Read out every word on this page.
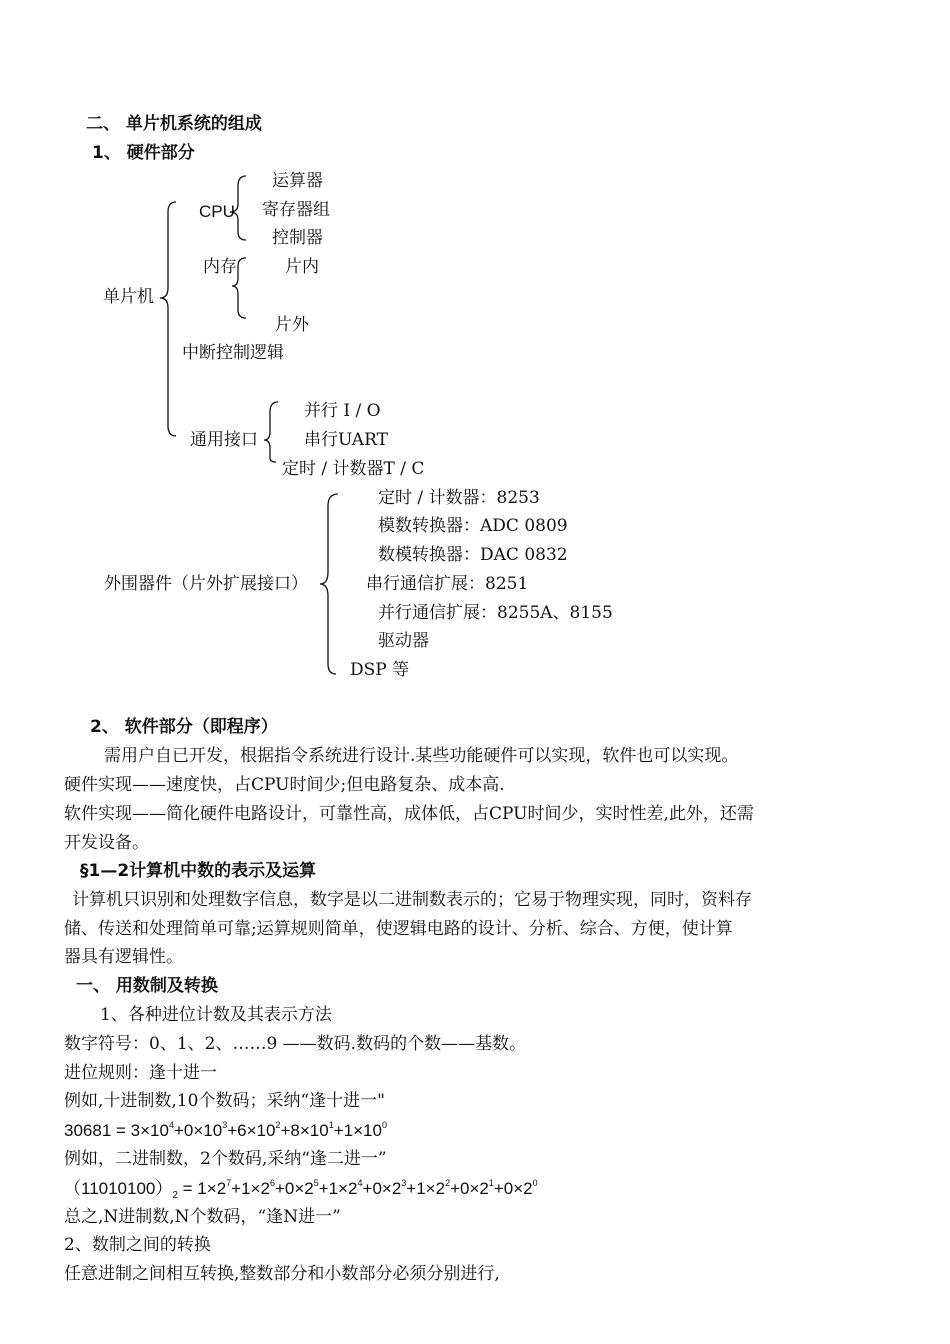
二、 单片机系统的组成
1、 硬件部分
运算器
CPU 寄存器组
控制器
内存	片内
单片机
片外
中断控制逻辑
并行 I / O
通用接口	串行UART
定时 / 计数器T / C
定时 / 计数器：8253
模数转换器：ADC 0809
数模转换器：DAC 0832
外围器件（片外扩展接口）	串行通信扩展：8251
并行通信扩展：8255A、8155
驱动器
DSP 等
2、 软件部分（即程序）
需用户自已开发，根据指令系统进行设计.某些功能硬件可以实现，软件也可以实现。
硬件实现——速度快，占CPU时间少;但电路复杂、成本高.
软件实现——简化硬件电路设计，可靠性高，成体低，占CPU时间少，实时性差,此外，还需
开发设备。
§1—2计算机中数的表示及运算
计算机只识别和处理数字信息，数字是以二进制数表示的；它易于物理实现，同时，资料存
储、传送和处理简单可靠;运算规则简单，使逻辑电路的设计、分析、综合、方便，使计算
器具有逻辑性。
一、 用数制及转换
1、各种进位计数及其表示方法
数字符号：0、1、2、……9 ——数码.数码的个数——基数。
进位规则：逢十进一
例如,十进制数,10个数码；采纳“逢十进一"
$30681 = 3\times 10^4+0\times 10^3+6\times 10^2+8\times 10^1+1\times 10^0$
例如，二进制数，2个数码,采纳“逢二进一”
$(11010100)_2 = 1\times 2^7+1\times 2^6+0\times 2^5+1\times 2^4+0\times 2^3+1\times 2^2+0\times 2^1+0\times 2^0$
总之,N进制数,N个数码，“逢N进一”
2、数制之间的转换
任意进制之间相互转换,整数部分和小数部分必须分别进行,
